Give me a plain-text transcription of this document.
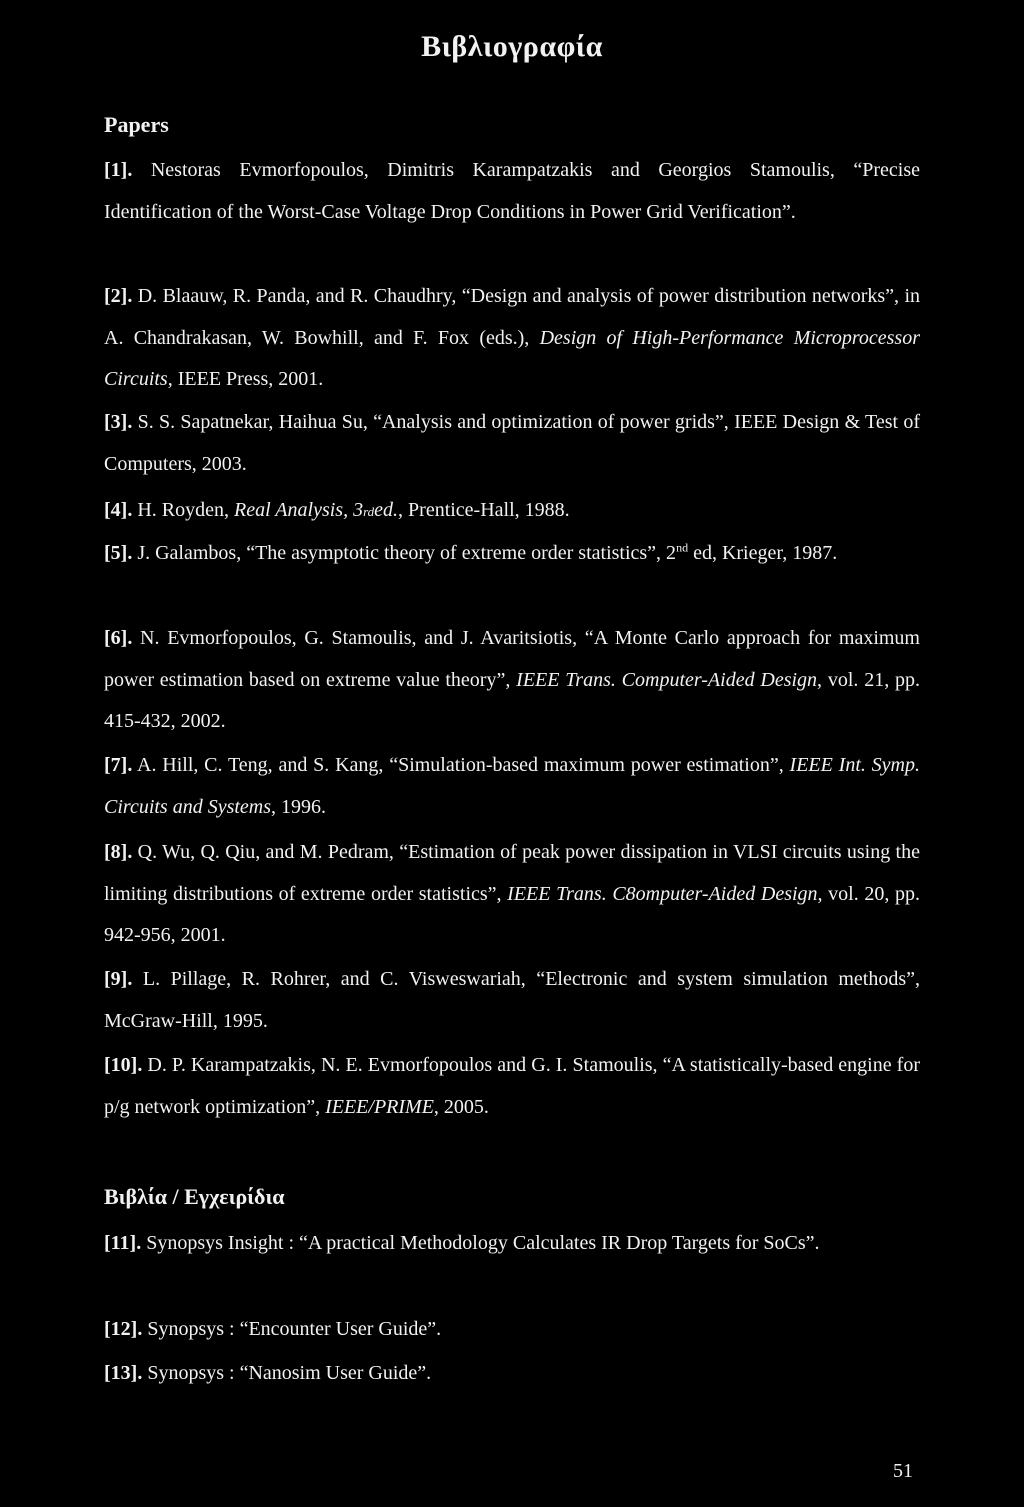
Βιβλιογραφία
Papers
[1]. Nestoras Evmorfopoulos, Dimitris Karampatzakis and Georgios Stamoulis, “Precise Identification of the Worst-Case Voltage Drop Conditions in Power Grid Verification”.
[2]. D. Blaauw, R. Panda, and R. Chaudhry, “Design and analysis of power distribution networks”, in A. Chandrakasan, W. Bowhill, and F. Fox (eds.), Design of High-Performance Microprocessor Circuits, IEEE Press, 2001.
[3]. S. S. Sapatnekar, Haihua Su, “Analysis and optimization of power grids”, IEEE Design & Test of Computers, 2003.
[4]. H. Royden, Real Analysis, 3rded., Prentice-Hall, 1988.
[5]. J. Galambos, “The asymptotic theory of extreme order statistics”, 2nd ed, Krieger, 1987.
[6]. N. Evmorfopoulos, G. Stamoulis, and J. Avaritsiotis, “A Monte Carlo approach for maximum power estimation based on extreme value theory”, IEEE Trans. Computer-Aided Design, vol. 21, pp. 415-432, 2002.
[7]. A. Hill, C. Teng, and S. Kang, “Simulation-based maximum power estimation”, IEEE Int. Symp. Circuits and Systems, 1996.
[8]. Q. Wu, Q. Qiu, and M. Pedram, “Estimation of peak power dissipation in VLSI circuits using the limiting distributions of extreme order statistics”, IEEE Trans. C8omputer-Aided Design, vol. 20, pp. 942-956, 2001.
[9]. L. Pillage, R. Rohrer, and C. Visweswariah, “Electronic and system simulation methods”, McGraw-Hill, 1995.
[10]. D. P. Karampatzakis, N. E. Evmorfopoulos and G. I. Stamoulis, “A statistically-based engine for p/g network optimization”, IEEE/PRIME, 2005.
Βιβλία / Εγχειρίδια
[11]. Synopsys Insight : “A practical Methodology Calculates IR Drop Targets for SoCs”.
[12]. Synopsys : “Encounter User Guide”.
[13]. Synopsys : “Nanosim User Guide”.
51
